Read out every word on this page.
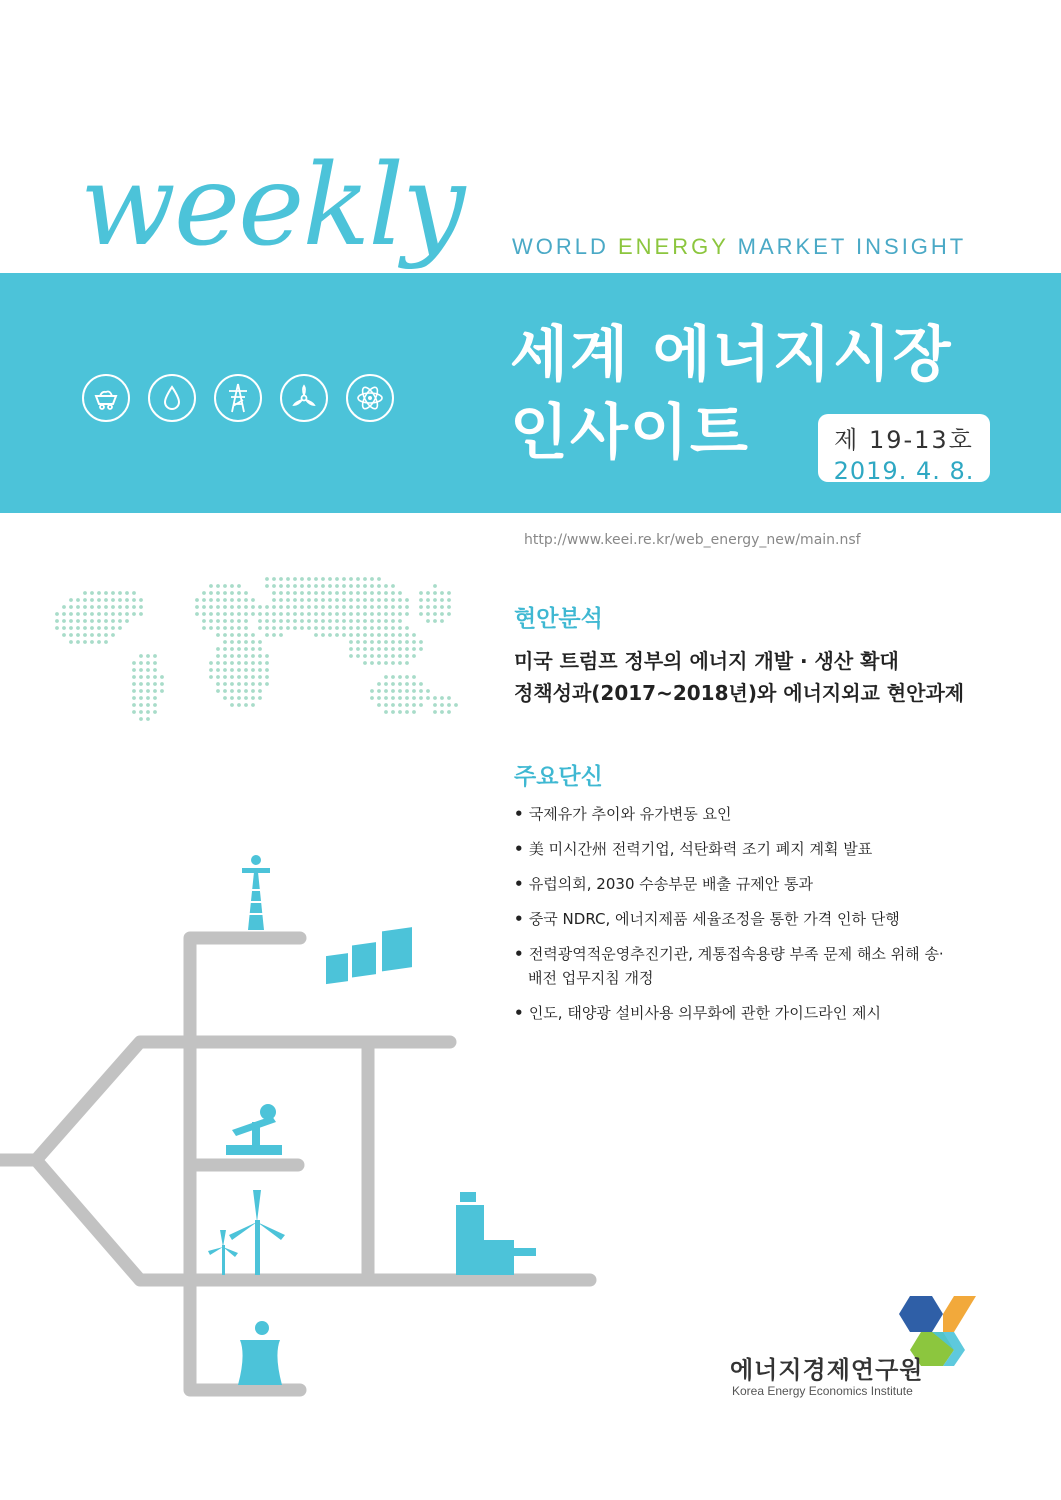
weekly WORLD ENERGY MARKET INSIGHT
세계 에너지시장
인사이트	제 19-13호
2019. 4. 8.
http://www.keei.re.kr/web_energy_new/main.nsf
현안분석
미국 트럼프 정부의 에너지 개발 · 생산 확대
정책성과(2017~2018년)와 에너지외교 현안과제
주요단신
• 국제유가 추이와 유가변동 요인
• 美 미시간州 전력기업, 석탄화력 조기 폐지 계획 발표
• 유럽의회, 2030 수송부문 배출 규제안 통과
• 중국 NDRC, 에너지제품 세율조정을 통한 가격 인하 단행
• 전력광역적운영추진기관, 계통접속용량 부족 문제 해소 위해 송·배전 업무지침 개정
• 인도, 태양광 설비사용 의무화에 관한 가이드라인 제시
에너지경제연구원
Korea Energy Economics Institute
